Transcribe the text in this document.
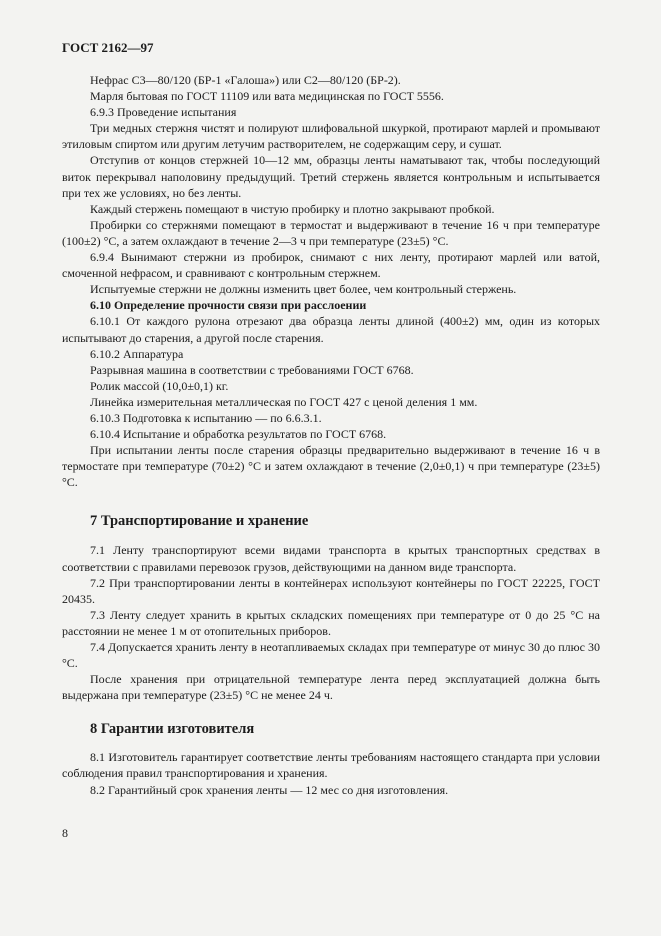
ГОСТ 2162—97

Нефрас С3—80/120 (БР-1 «Галоша») или С2—80/120 (БР-2).

Марля бытовая по ГОСТ 11109 или вата медицинская по ГОСТ 5556.

6.9.3 Проведение испытания

Три медных стержня чистят и полируют шлифовальной шкуркой, протирают марлей и промывают этиловым спиртом или другим летучим растворителем, не содержащим серу, и сушат.

Отступив от концов стержней 10—12 мм, образцы ленты наматывают так, чтобы последующий виток перекрывал наполовину предыдущий. Третий стержень является контрольным и испытывается при тех же условиях, но без ленты.

Каждый стержень помещают в чистую пробирку и плотно закрывают пробкой.

Пробирки со стержнями помещают в термостат и выдерживают в течение 16 ч при температуре (100±2) °С, а затем охлаждают в течение 2—3 ч при температуре (23±5) °С.

6.9.4 Вынимают стержни из пробирок, снимают с них ленту, протирают марлей или ватой, смоченной нефрасом, и сравнивают с контрольным стержнем.

Испытуемые стержни не должны изменить цвет более, чем контрольный стержень.

6.10 Определение прочности связи при расслоении

6.10.1 От каждого рулона отрезают два образца ленты длиной (400±2) мм, один из которых испытывают до старения, а другой после старения.

6.10.2 Аппаратура

Разрывная машина в соответствии с требованиями ГОСТ 6768.

Ролик массой (10,0±0,1) кг.

Линейка измерительная металлическая по ГОСТ 427 с ценой деления 1 мм.

6.10.3 Подготовка к испытанию — по 6.6.3.1.

6.10.4 Испытание и обработка результатов по ГОСТ 6768.

При испытании ленты после старения образцы предварительно выдерживают в течение 16 ч в термостате при температуре (70±2) °С и затем охлаждают в течение (2,0±0,1) ч при температуре (23±5) °С.

7 Транспортирование и хранение

7.1 Ленту транспортируют всеми видами транспорта в крытых транспортных средствах в соответствии с правилами перевозок грузов, действующими на данном виде транспорта.

7.2 При транспортировании ленты в контейнерах используют контейнеры по ГОСТ 22225, ГОСТ 20435.

7.3 Ленту следует хранить в крытых складских помещениях при температуре от 0 до 25 °С на расстоянии не менее 1 м от отопительных приборов.

7.4 Допускается хранить ленту в неотапливаемых складах при температуре от минус 30 до плюс 30 °С.

После хранения при отрицательной температуре лента перед эксплуатацией должна быть выдержана при температуре (23±5) °С не менее 24 ч.

8 Гарантии изготовителя

8.1 Изготовитель гарантирует соответствие ленты требованиям настоящего стандарта при условии соблюдения правил транспортирования и хранения.

8.2 Гарантийный срок хранения ленты — 12 мес со дня изготовления.

8
